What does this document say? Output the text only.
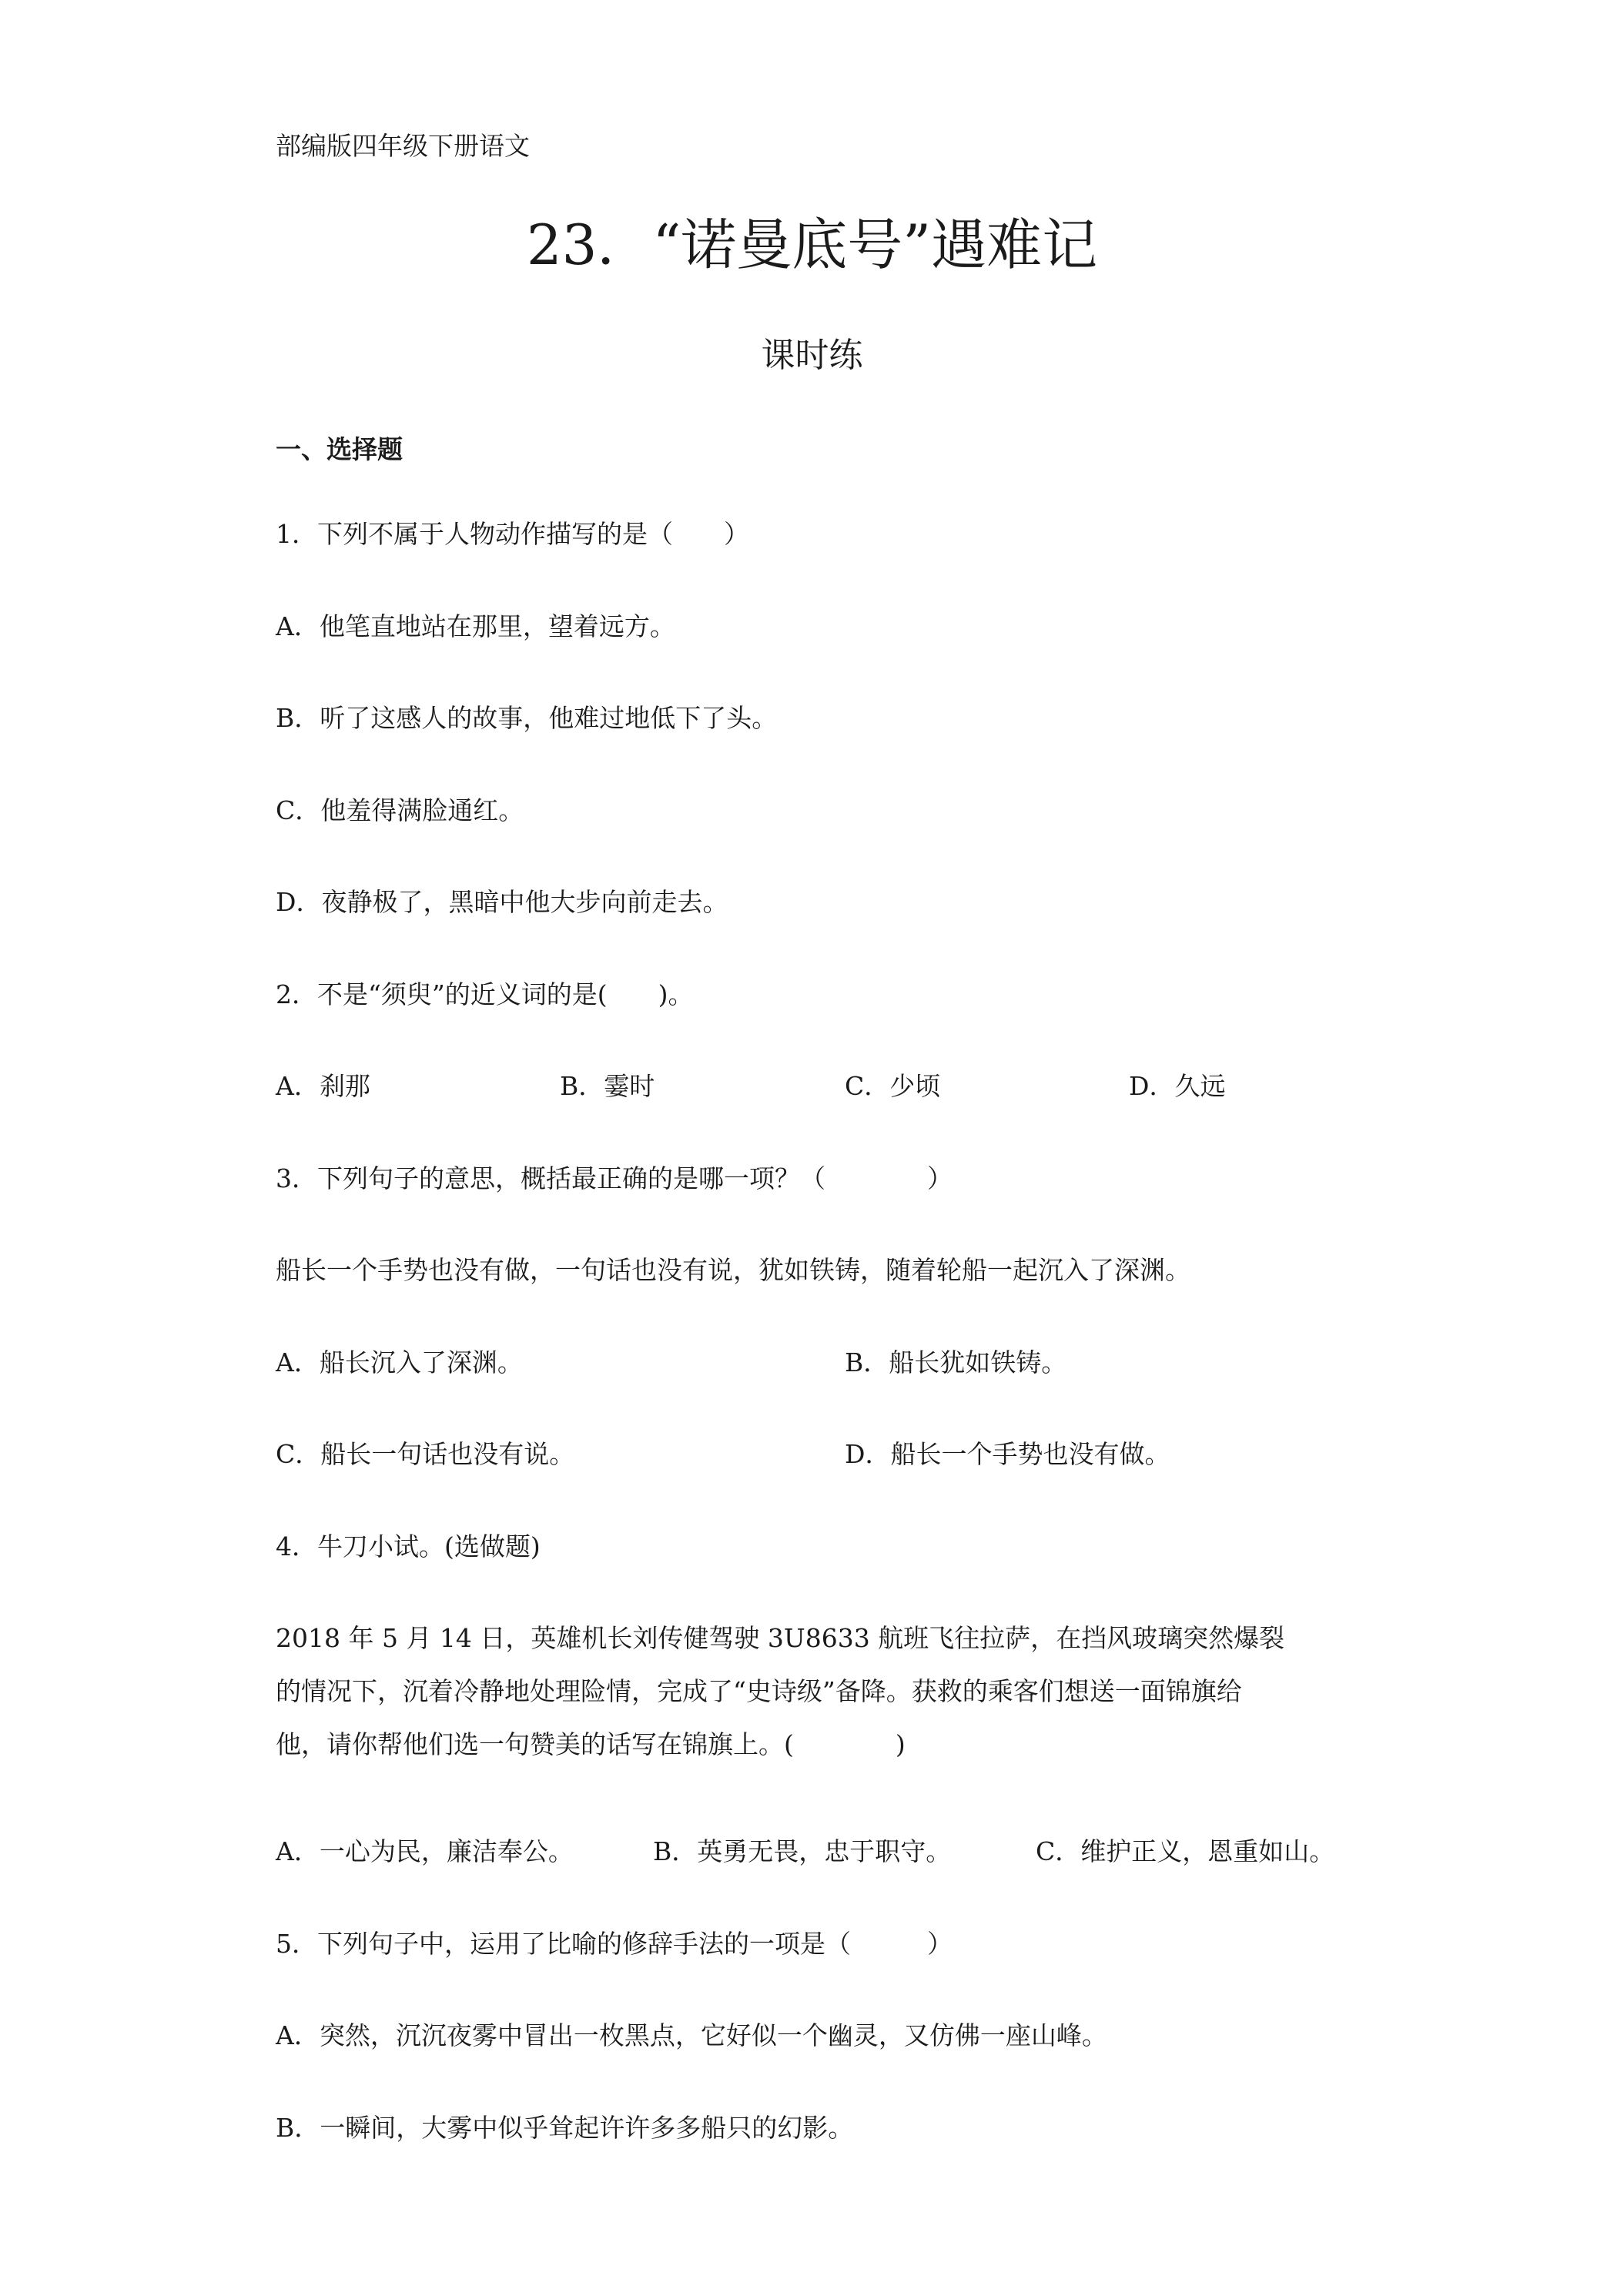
部编版四年级下册语文
23．“诺曼底号”遇难记
课时练
一、选择题
1．下列不属于人物动作描写的是（　　）
A．他笔直地站在那里，望着远方。
B．听了这感人的故事，他难过地低下了头。
C．他羞得满脸通红。
D．夜静极了，黑暗中他大步向前走去。
2．不是“须臾”的近义词的是(　　)。
A．刹那	B．霎时	C．少顷	D．久远
3．下列句子的意思，概括最正确的是哪一项？（　　　　）
船长一个手势也没有做，一句话也没有说，犹如铁铸，随着轮船一起沉入了深渊。
A．船长沉入了深渊。	B．船长犹如铁铸。
C．船长一句话也没有说。	D．船长一个手势也没有做。
4．牛刀小试。(选做题)
2018 年 5 月 14 日，英雄机长刘传健驾驶 3U8633 航班飞往拉萨，在挡风玻璃突然爆裂
的情况下，沉着冷静地处理险情，完成了“史诗级”备降。获救的乘客们想送一面锦旗给
他，请你帮他们选一句赞美的话写在锦旗上。(　　　　)
A．一心为民，廉洁奉公。	B．英勇无畏，忠于职守。	C．维护正义，恩重如山。
5．下列句子中，运用了比喻的修辞手法的一项是（　　　）
A．突然，沉沉夜雾中冒出一枚黑点，它好似一个幽灵，又仿佛一座山峰。
B．一瞬间，大雾中似乎耸起许许多多船只的幻影。
